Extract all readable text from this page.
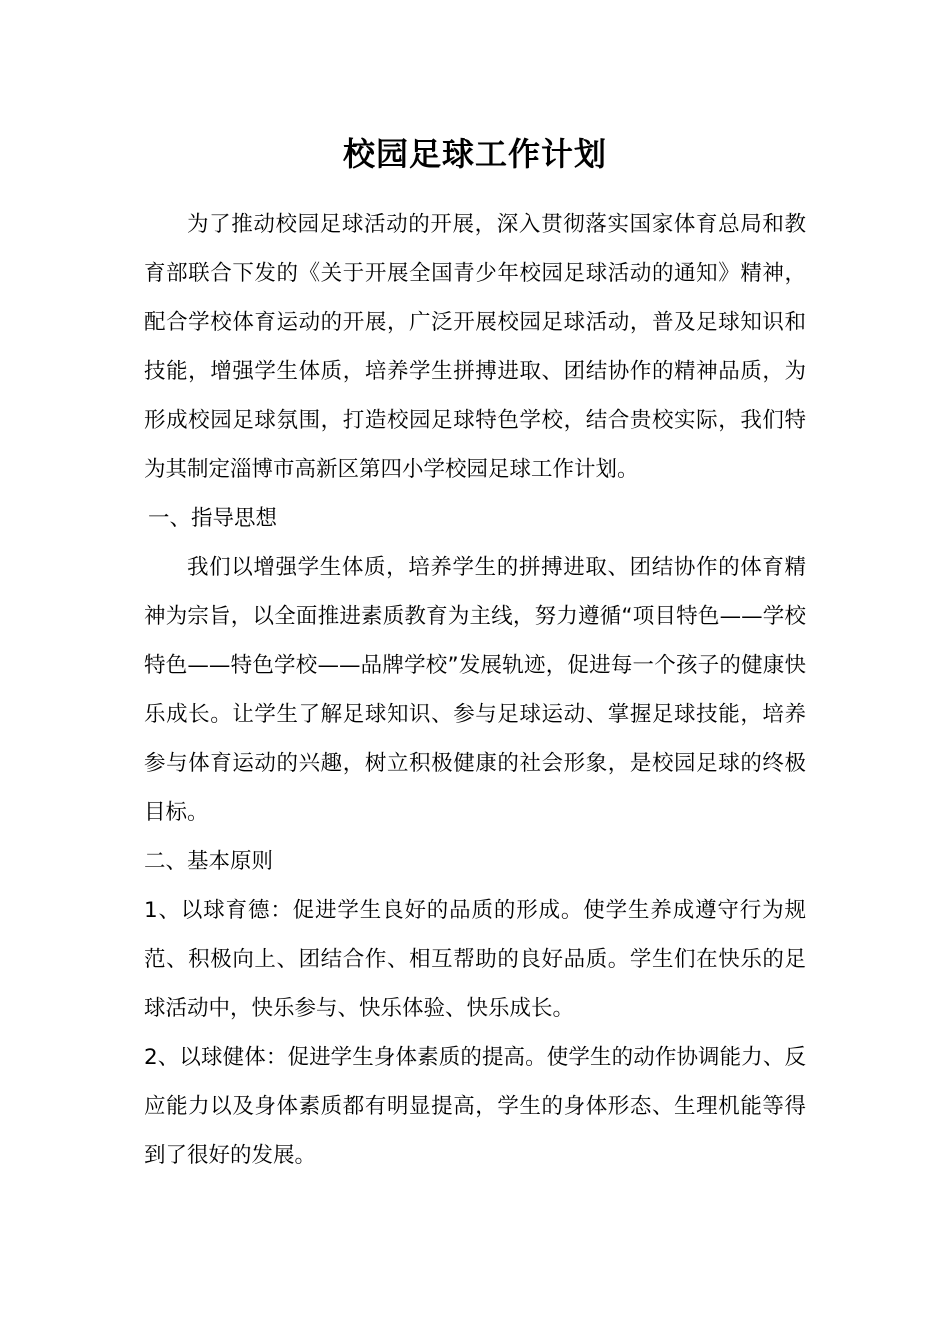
校园足球工作计划

为了推动校园足球活动的开展，深入贯彻落实国家体育总局和教育部联合下发的《关于开展全国青少年校园足球活动的通知》精神，配合学校体育运动的开展，广泛开展校园足球活动，普及足球知识和技能，增强学生体质，培养学生拼搏进取、团结协作的精神品质，为形成校园足球氛围，打造校园足球特色学校，结合贵校实际，我们特为其制定淄博市高新区第四小学校园足球工作计划。

一、指导思想

我们以增强学生体质，培养学生的拼搏进取、团结协作的体育精神为宗旨，以全面推进素质教育为主线，努力遵循“项目特色——学校特色——特色学校——品牌学校”发展轨迹，促进每一个孩子的健康快乐成长。让学生了解足球知识、参与足球运动、掌握足球技能，培养参与体育运动的兴趣，树立积极健康的社会形象，是校园足球的终极目标。

二、基本原则

1、以球育德：促进学生良好的品质的形成。使学生养成遵守行为规范、积极向上、团结合作、相互帮助的良好品质。学生们在快乐的足球活动中，快乐参与、快乐体验、快乐成长。

2、以球健体：促进学生身体素质的提高。使学生的动作协调能力、反应能力以及身体素质都有明显提高，学生的身体形态、生理机能等得到了很好的发展。
